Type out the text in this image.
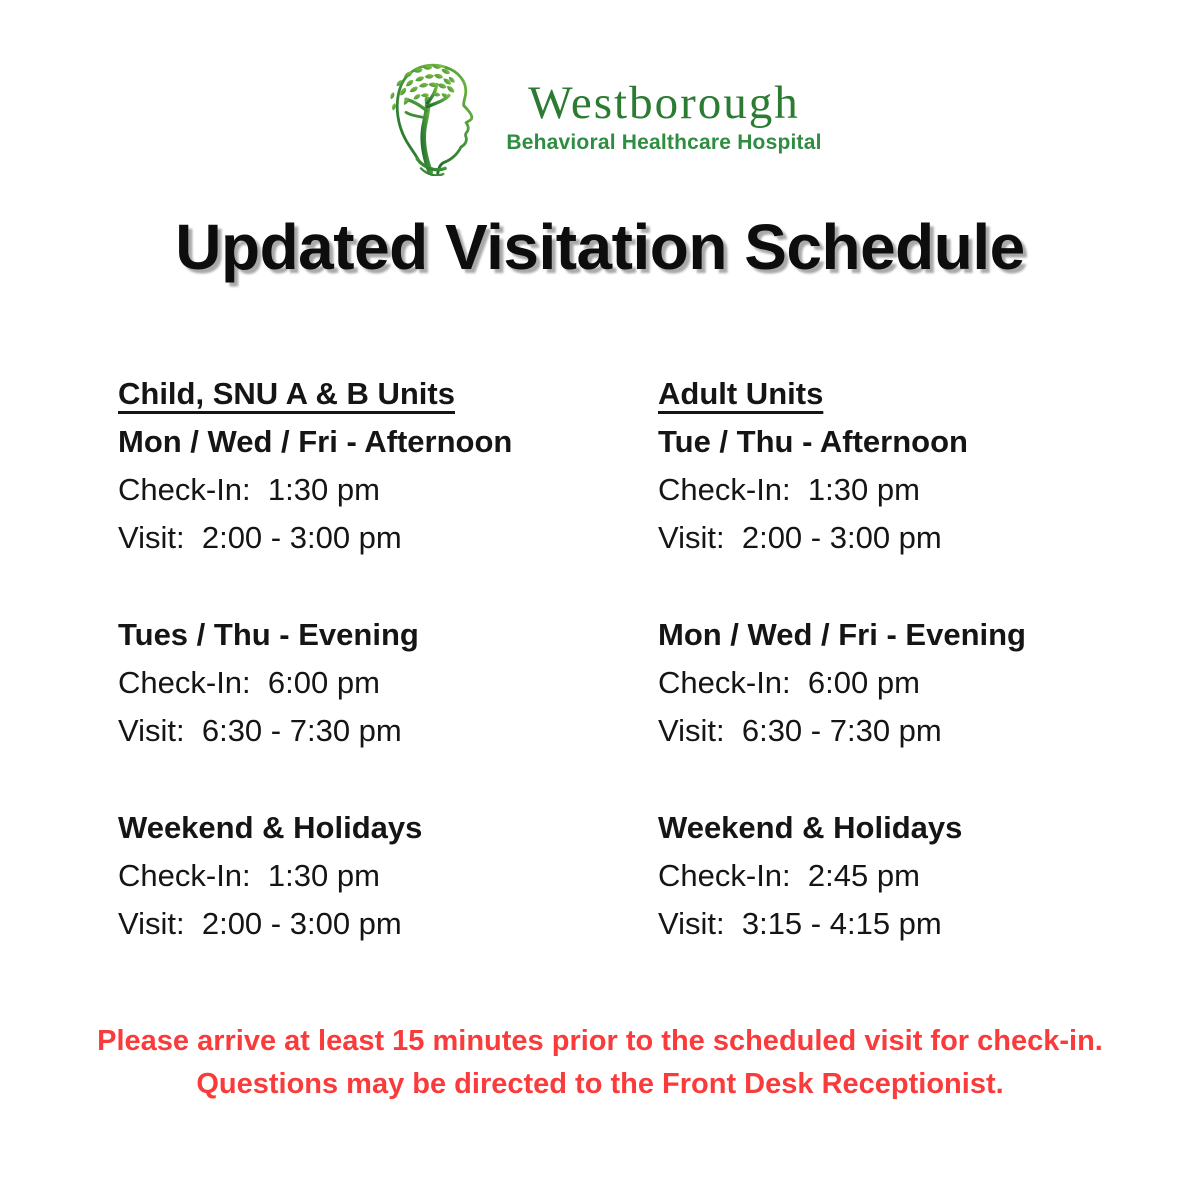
Westborough
Behavioral Healthcare Hospital
Updated Visitation Schedule
Child, SNU A & B Units
Mon / Wed / Fri - Afternoon
Check-In:  1:30 pm
Visit:  2:00 - 3:00 pm
Tues / Thu - Evening
Check-In:  6:00 pm
Visit:  6:30 - 7:30 pm
Weekend & Holidays
Check-In:  1:30 pm
Visit:  2:00 - 3:00 pm
Adult Units
Tue / Thu - Afternoon
Check-In:  1:30 pm
Visit:  2:00 - 3:00 pm
Mon / Wed / Fri - Evening
Check-In:  6:00 pm
Visit:  6:30 - 7:30 pm
Weekend & Holidays
Check-In:  2:45 pm
Visit:  3:15 - 4:15 pm

Please arrive at least 15 minutes prior to the scheduled visit for check-in.

Questions may be directed to the Front Desk Receptionist.
